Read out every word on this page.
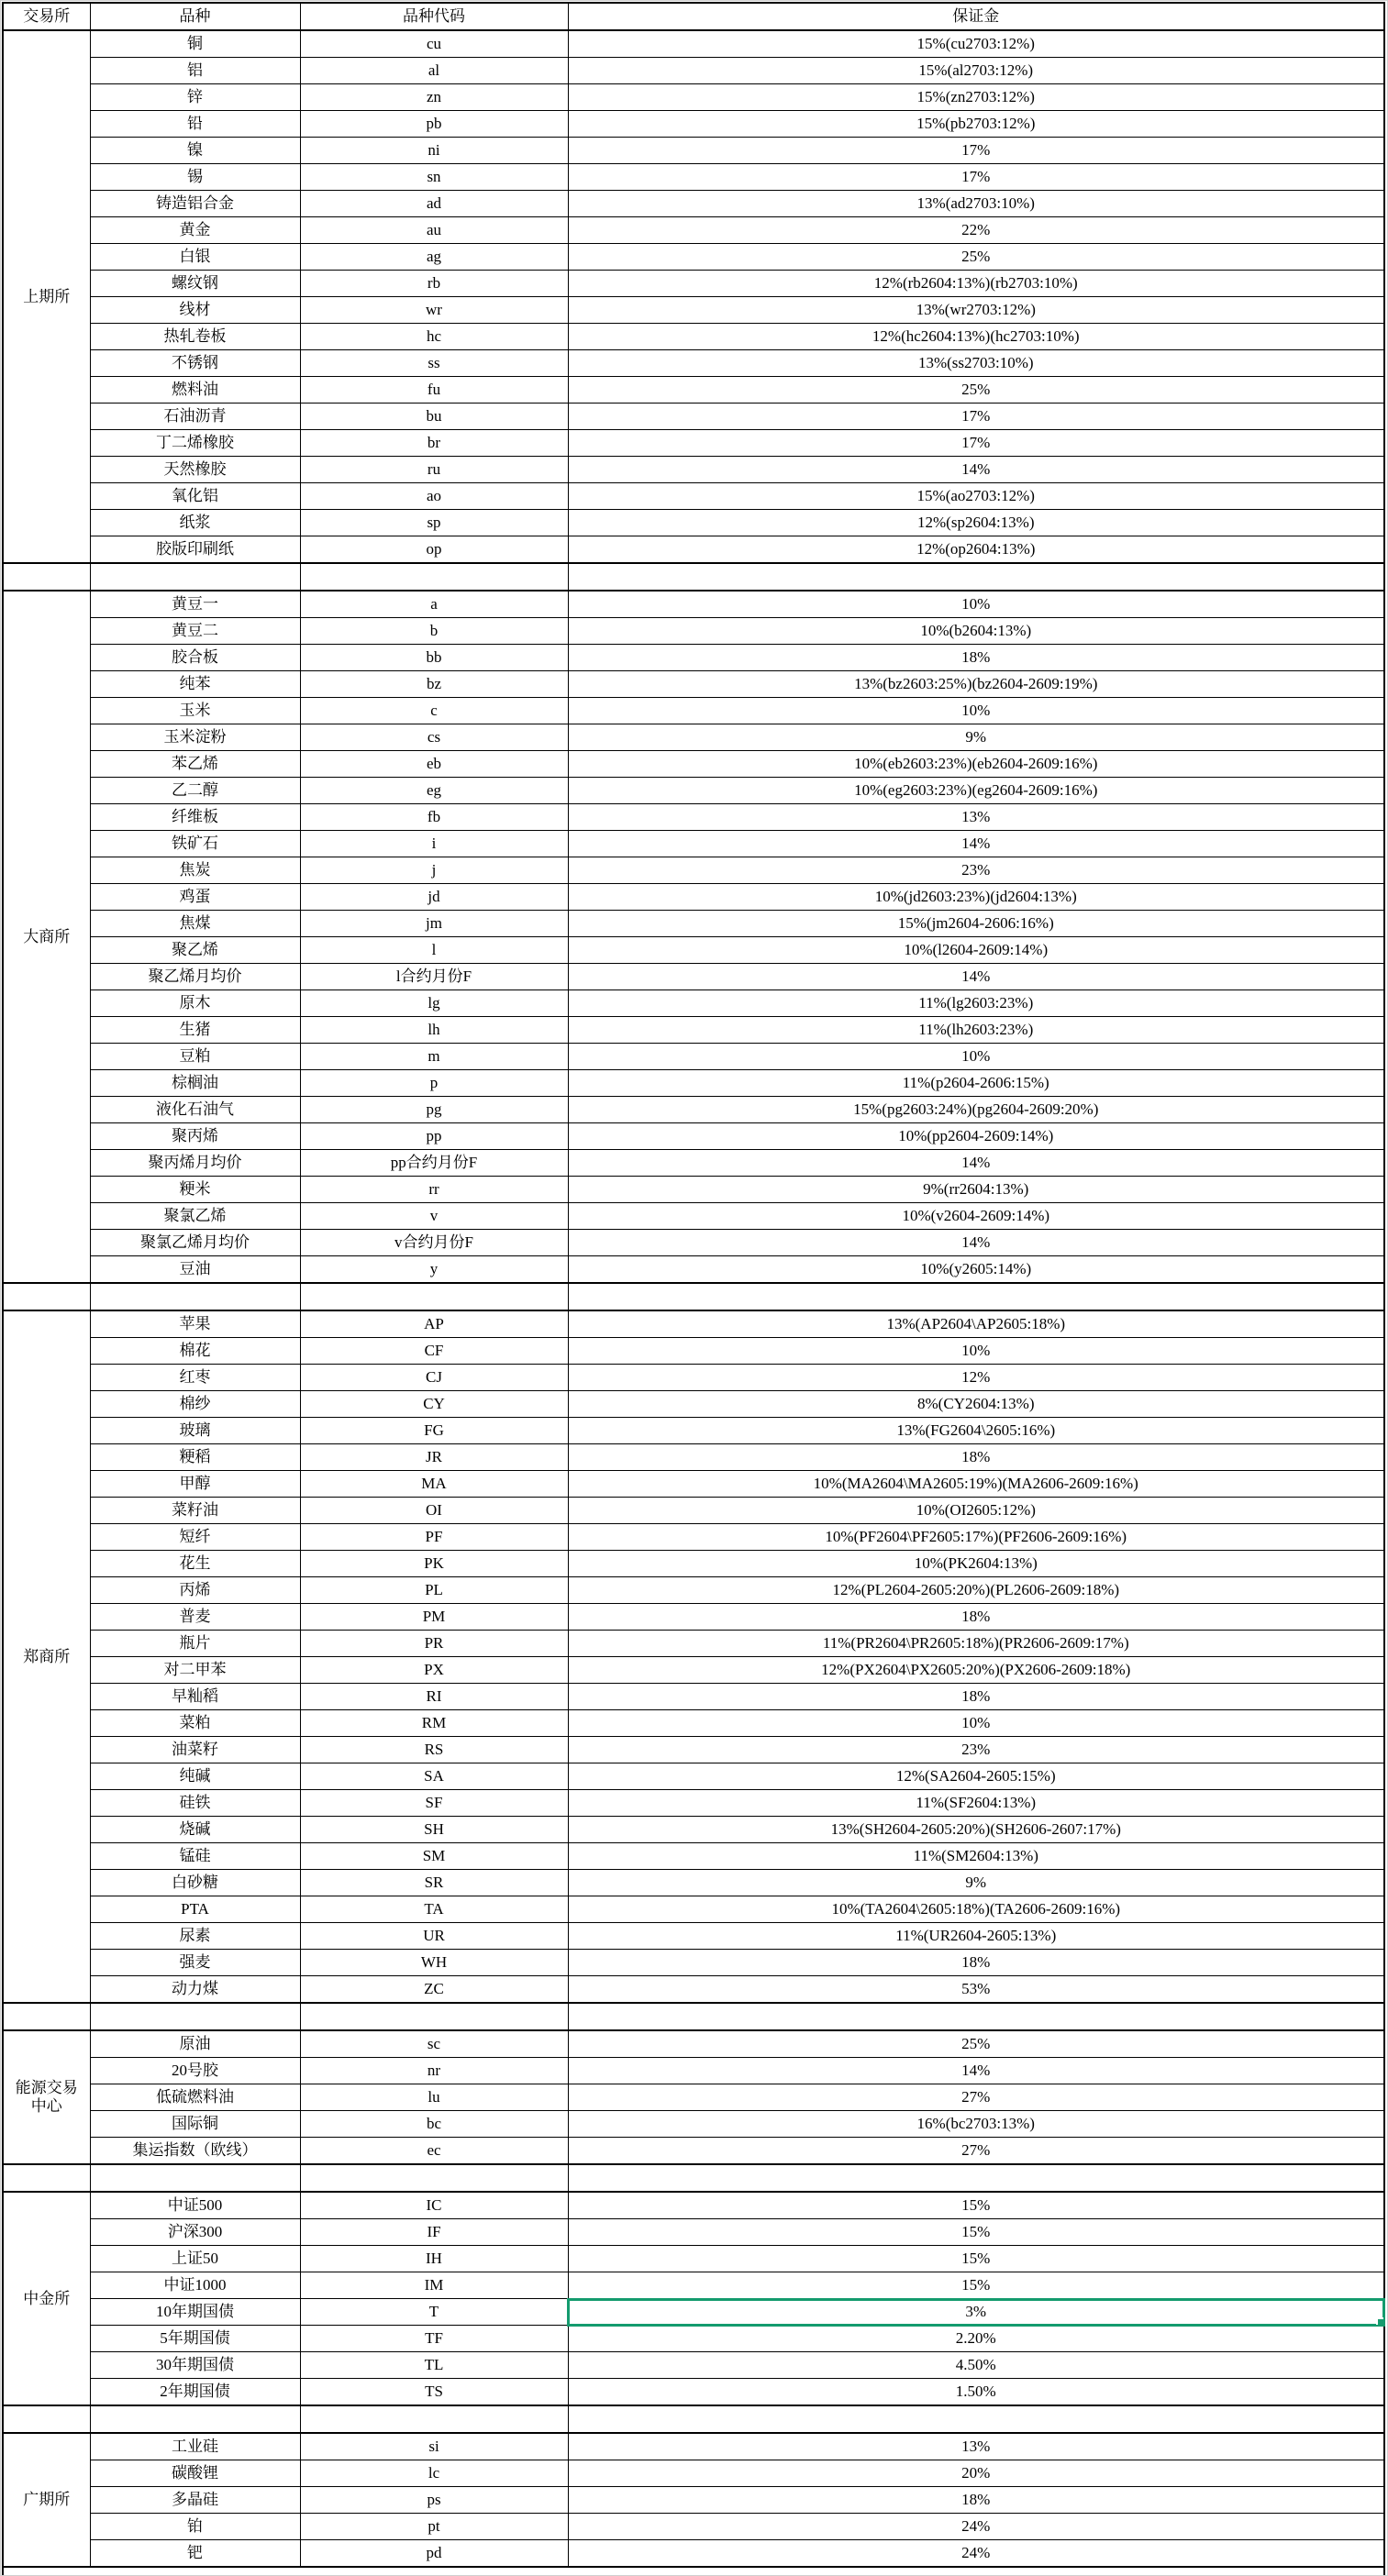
交易所	品种	品种代码	保证金
上期所	铜	cu	15%(cu2703:12%)
	铝	al	15%(al2703:12%)
	锌	zn	15%(zn2703:12%)
	铅	pb	15%(pb2703:12%)
	镍	ni	17%
	锡	sn	17%
	铸造铝合金	ad	13%(ad2703:10%)
	黄金	au	22%
	白银	ag	25%
	螺纹钢	rb	12%(rb2604:13%)(rb2703:10%)
	线材	wr	13%(wr2703:12%)
	热轧卷板	hc	12%(hc2604:13%)(hc2703:10%)
	不锈钢	ss	13%(ss2703:10%)
	燃料油	fu	25%
	石油沥青	bu	17%
	丁二烯橡胶	br	17%
	天然橡胶	ru	14%
	氧化铝	ao	15%(ao2703:12%)
	纸浆	sp	12%(sp2604:13%)
	胶版印刷纸	op	12%(op2604:13%)

大商所	黄豆一	a	10%
	黄豆二	b	10%(b2604:13%)
	胶合板	bb	18%
	纯苯	bz	13%(bz2603:25%)(bz2604-2609:19%)
	玉米	c	10%
	玉米淀粉	cs	9%
	苯乙烯	eb	10%(eb2603:23%)(eb2604-2609:16%)
	乙二醇	eg	10%(eg2603:23%)(eg2604-2609:16%)
	纤维板	fb	13%
	铁矿石	i	14%
	焦炭	j	23%
	鸡蛋	jd	10%(jd2603:23%)(jd2604:13%)
	焦煤	jm	15%(jm2604-2606:16%)
	聚乙烯	l	10%(l2604-2609:14%)
	聚乙烯月均价	l合约月份F	14%
	原木	lg	11%(lg2603:23%)
	生猪	lh	11%(lh2603:23%)
	豆粕	m	10%
	棕榈油	p	11%(p2604-2606:15%)
	液化石油气	pg	15%(pg2603:24%)(pg2604-2609:20%)
	聚丙烯	pp	10%(pp2604-2609:14%)
	聚丙烯月均价	pp合约月份F	14%
	粳米	rr	9%(rr2604:13%)
	聚氯乙烯	v	10%(v2604-2609:14%)
	聚氯乙烯月均价	v合约月份F	14%
	豆油	y	10%(y2605:14%)

郑商所	苹果	AP	13%(AP2604\AP2605:18%)
	棉花	CF	10%
	红枣	CJ	12%
	棉纱	CY	8%(CY2604:13%)
	玻璃	FG	13%(FG2604\2605:16%)
	粳稻	JR	18%
	甲醇	MA	10%(MA2604\MA2605:19%)(MA2606-2609:16%)
	菜籽油	OI	10%(OI2605:12%)
	短纤	PF	10%(PF2604\PF2605:17%)(PF2606-2609:16%)
	花生	PK	10%(PK2604:13%)
	丙烯	PL	12%(PL2604-2605:20%)(PL2606-2609:18%)
	普麦	PM	18%
	瓶片	PR	11%(PR2604\PR2605:18%)(PR2606-2609:17%)
	对二甲苯	PX	12%(PX2604\PX2605:20%)(PX2606-2609:18%)
	早籼稻	RI	18%
	菜粕	RM	10%
	油菜籽	RS	23%
	纯碱	SA	12%(SA2604-2605:15%)
	硅铁	SF	11%(SF2604:13%)
	烧碱	SH	13%(SH2604-2605:20%)(SH2606-2607:17%)
	锰硅	SM	11%(SM2604:13%)
	白砂糖	SR	9%
	PTA	TA	10%(TA2604\2605:18%)(TA2606-2609:16%)
	尿素	UR	11%(UR2604-2605:13%)
	强麦	WH	18%
	动力煤	ZC	53%

能源交易中心	原油	sc	25%
	20号胶	nr	14%
	低硫燃料油	lu	27%
	国际铜	bc	16%(bc2703:13%)
	集运指数（欧线）	ec	27%

中金所	中证500	IC	15%
	沪深300	IF	15%
	上证50	IH	15%
	中证1000	IM	15%
	10年期国债	T	3%

	5年期国债	TF	2.20%
	30年期国债	TL	4.50%
	2年期国债	TS	1.50%

广期所	工业硅	si	13%
	碳酸锂	lc	20%
	多晶硅	ps	18%
	铂	pt	24%
	钯	pd	24%
